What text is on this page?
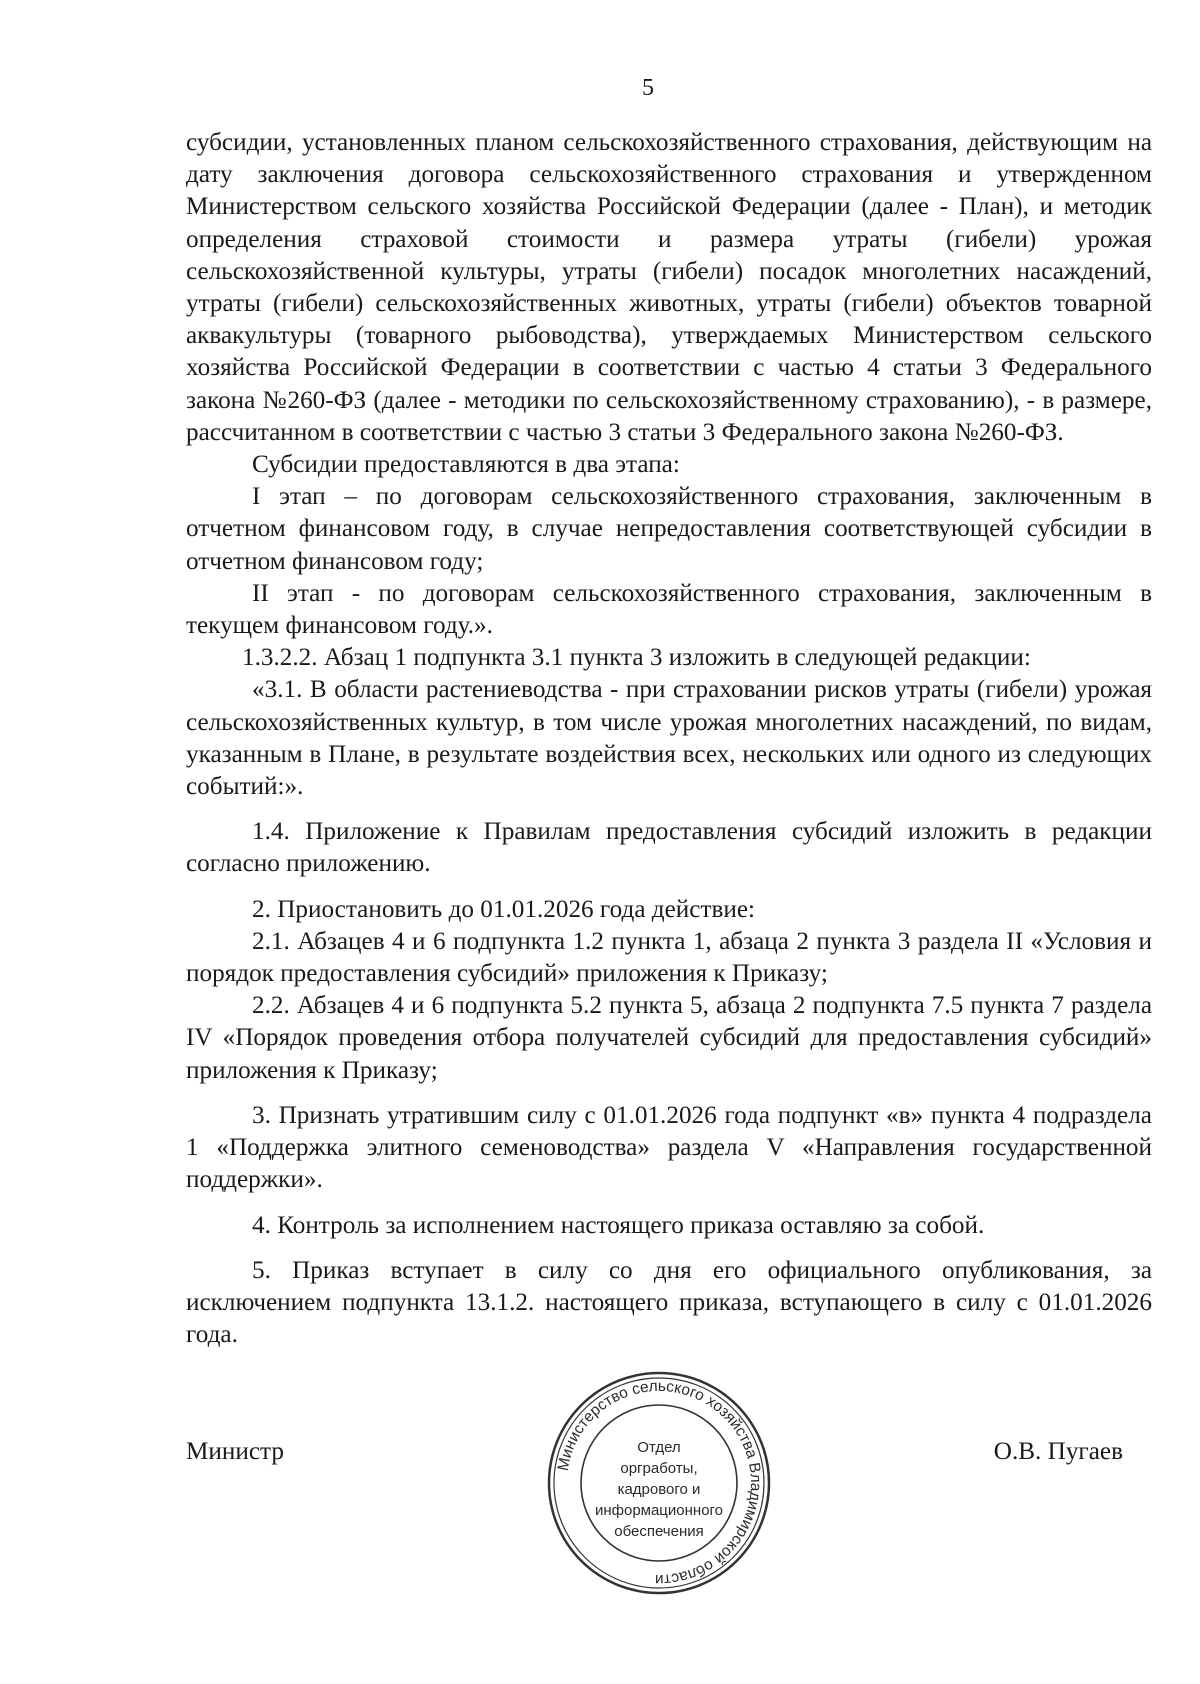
5

субсидии, установленных планом сельскохозяйственного страхования, действующим на дату заключения договора сельскохозяйственного страхования и утвержденном Министерством сельского хозяйства Российской Федерации (далее - План), и методик определения страховой стоимости и размера утраты (гибели) урожая сельскохозяйственной культуры, утраты (гибели) посадок многолетних насаждений, утраты (гибели) сельскохозяйственных животных, утраты (гибели) объектов товарной аквакультуры (товарного рыбоводства), утверждаемых Министерством сельского хозяйства Российской Федерации в соответствии с частью 4 статьи 3 Федерального закона №260-ФЗ (далее - методики по сельскохозяйственному страхованию), - в размере, рассчитанном в соответствии с частью 3 статьи 3 Федерального закона №260-ФЗ.

Субсидии предоставляются в два этапа:

I этап – по договорам сельскохозяйственного страхования, заключенным в отчетном финансовом году, в случае непредоставления соответствующей субсидии в отчетном финансовом году;

II этап - по договорам сельскохозяйственного страхования, заключенным в текущем финансовом году.».

1.3.2.2. Абзац 1 подпункта 3.1 пункта 3 изложить в следующей редакции:

«3.1. В области растениеводства - при страховании рисков утраты (гибели) урожая сельскохозяйственных культур, в том числе урожая многолетних насаждений, по видам, указанным в Плане, в результате воздействия всех, нескольких или одного из следующих событий:».

1.4. Приложение к Правилам предоставления субсидий изложить в редакции согласно приложению.

2. Приостановить до 01.01.2026 года действие:

2.1. Абзацев 4 и 6 подпункта 1.2 пункта 1, абзаца 2 пункта 3 раздела II «Условия и порядок предоставления субсидий» приложения к Приказу;

2.2. Абзацев 4 и 6 подпункта 5.2 пункта 5, абзаца 2 подпункта 7.5 пункта 7 раздела IV «Порядок проведения отбора получателей субсидий для предоставления субсидий» приложения к Приказу;

3. Признать утратившим силу с 01.01.2026 года подпункт «в» пункта 4 подраздела 1 «Поддержка элитного семеноводства» раздела V «Направления государственной поддержки».

4. Контроль за исполнением настоящего приказа оставляю за собой.

5. Приказ вступает в силу со дня его официального опубликования, за исключением подпункта 13.1.2. настоящего приказа, вступающего в силу с 01.01.2026 года.

Министр	Министерство сельского хозяйства Владимирской области
Отдел
оргработы,
кадрового и
информационного
обеспечения
О.В. Пугаев
